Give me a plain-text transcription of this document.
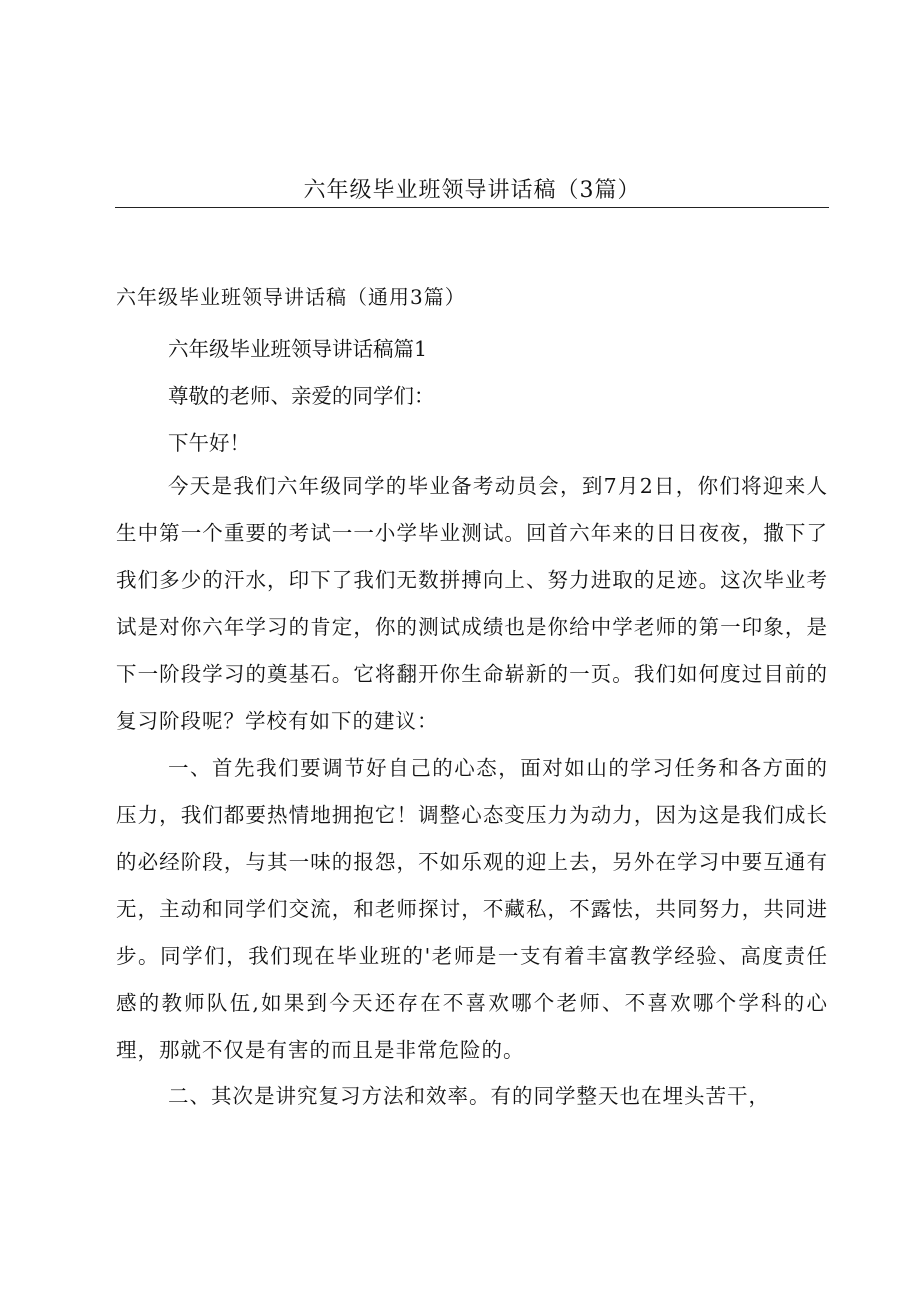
六年级毕业班领导讲话稿（3篇）
六年级毕业班领导讲话稿（通用3篇）
六年级毕业班领导讲话稿篇1
尊敬的老师、亲爱的同学们：
下午好！

今天是我们六年级同学的毕业备考动员会，到7月2日，你们将迎来人生中第一个重要的考试一一小学毕业测试。回首六年来的日日夜夜，撒下了我们多少的汗水，印下了我们无数拼搏向上、努力进取的足迹。这次毕业考试是对你六年学习的肯定，你的测试成绩也是你给中学老师的第一印象，是下一阶段学习的奠基石。它将翻开你生命崭新的一页。我们如何度过目前的复习阶段呢？学校有如下的建议：

一、首先我们要调节好自己的心态，面对如山的学习任务和各方面的压力，我们都要热情地拥抱它！调整心态变压力为动力，因为这是我们成长的必经阶段，与其一味的报怨，不如乐观的迎上去，另外在学习中要互通有无，主动和同学们交流，和老师探讨，不藏私，不露怯，共同努力，共同进步。同学们，我们现在毕业班的'老师是一支有着丰富教学经验、高度责任感的教师队伍,如果到今天还存在不喜欢哪个老师、不喜欢哪个学科的心理，那就不仅是有害的而且是非常危险的。

二、其次是讲究复习方法和效率。有的同学整天也在埋头苦干，
